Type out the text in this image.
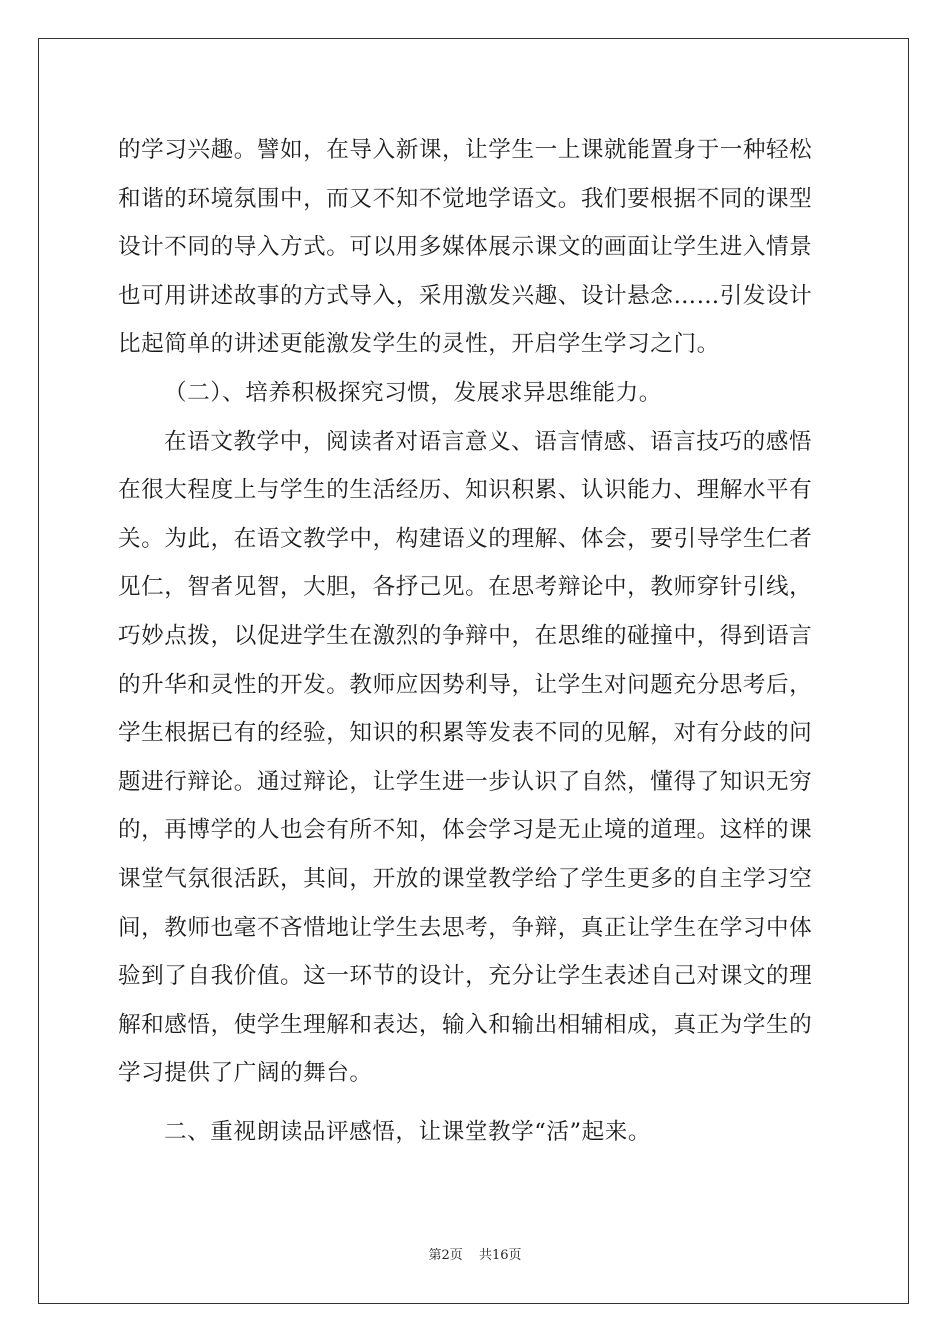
的学习兴趣。譬如，在导入新课，让学生一上课就能置身于一种轻松和谐的环境氛围中，而又不知不觉地学语文。我们要根据不同的课型设计不同的导入方式。可以用多媒体展示课文的画面让学生进入情景也可用讲述故事的方式导入，采用激发兴趣、设计悬念……引发设计比起简单的讲述更能激发学生的灵性，开启学生学习之门。

（二）、培养积极探究习惯，发展求异思维能力。

在语文教学中，阅读者对语言意义、语言情感、语言技巧的感悟在很大程度上与学生的生活经历、知识积累、认识能力、理解水平有关。为此，在语文教学中，构建语义的理解、体会，要引导学生仁者见仁，智者见智，大胆，各抒己见。在思考辩论中，教师穿针引线，巧妙点拨，以促进学生在激烈的争辩中，在思维的碰撞中，得到语言的升华和灵性的开发。教师应因势利导，让学生对问题充分思考后，学生根据已有的经验，知识的积累等发表不同的见解，对有分歧的问题进行辩论。通过辩论，让学生进一步认识了自然，懂得了知识无穷的，再博学的人也会有所不知，体会学习是无止境的道理。这样的课课堂气氛很活跃，其间，开放的课堂教学给了学生更多的自主学习空间，教师也毫不吝惜地让学生去思考，争辩，真正让学生在学习中体验到了自我价值。这一环节的设计，充分让学生表述自己对课文的理解和感悟，使学生理解和表达，输入和输出相辅相成，真正为学生的学习提供了广阔的舞台。

二、重视朗读品评感悟，让课堂教学“活”起来。

第2页 共16页
